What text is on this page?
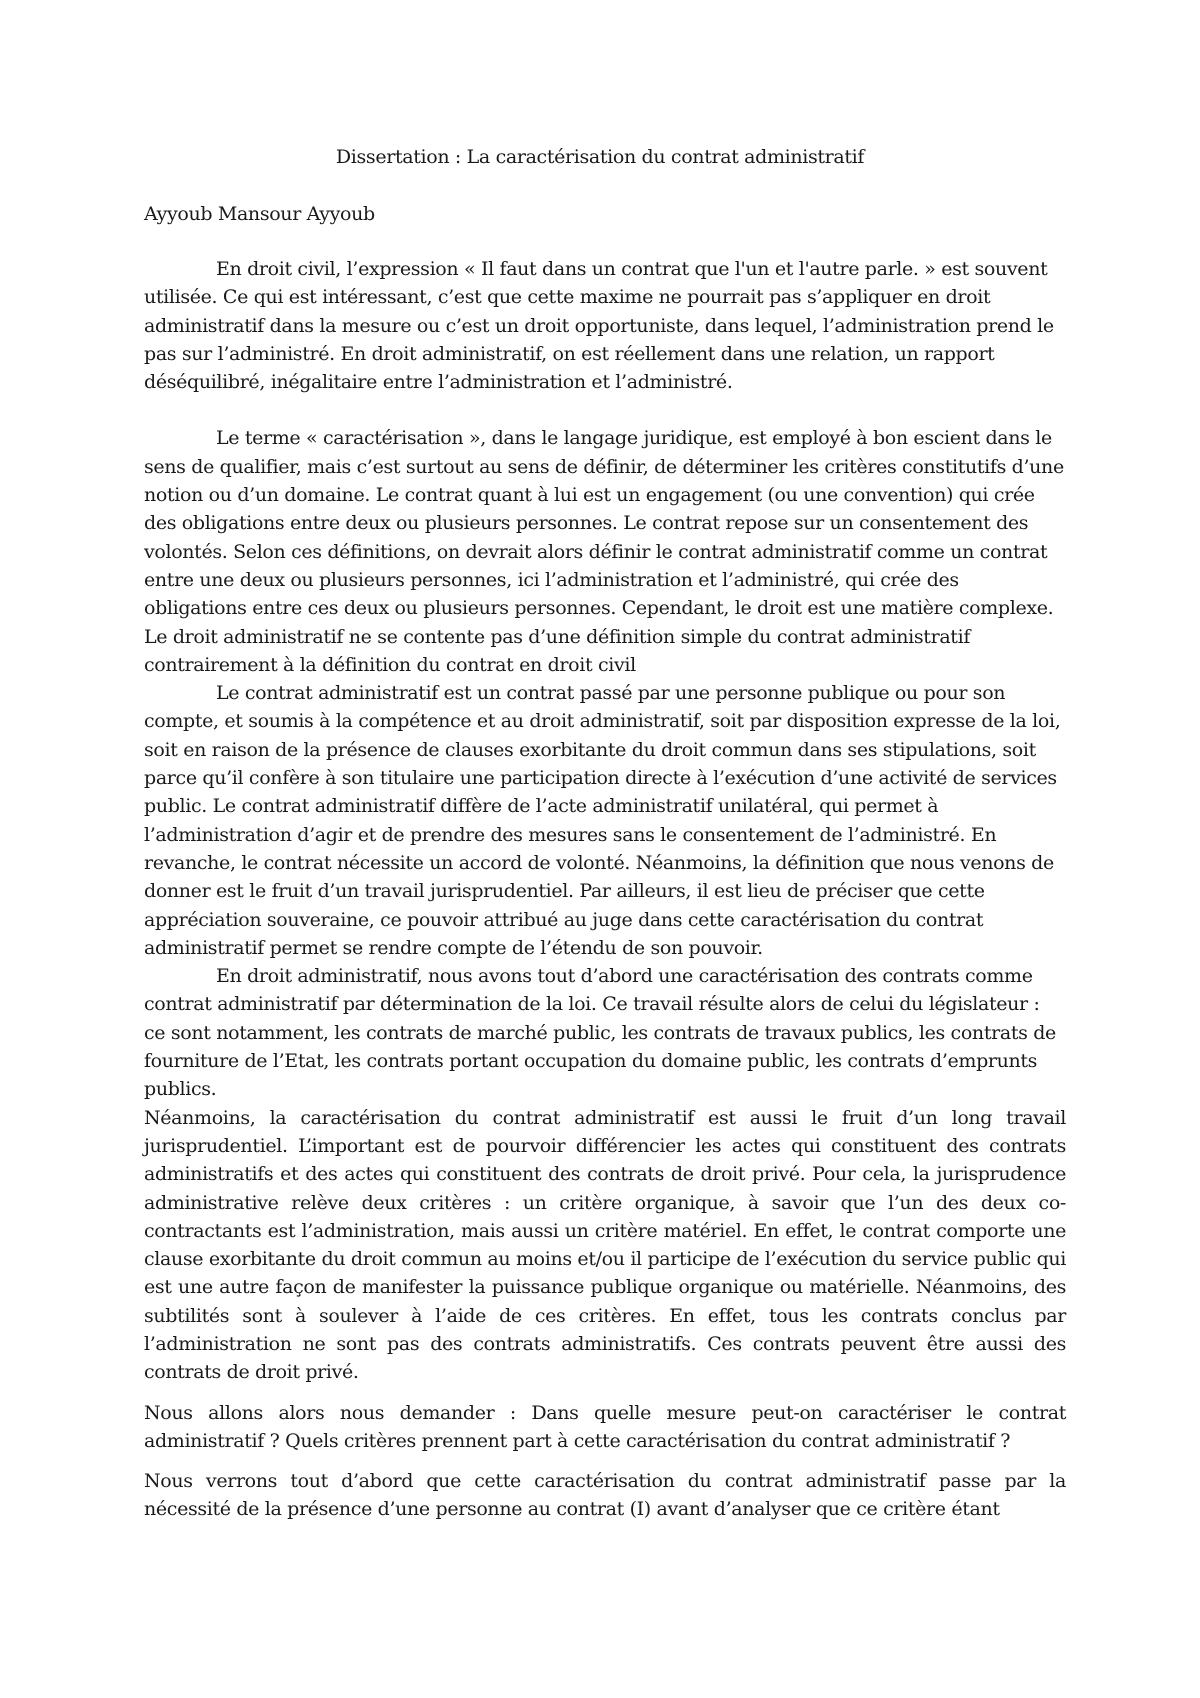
Dissertation : La caractérisation du contrat administratif

Ayyoub Mansour Ayyoub

En droit civil, l’expression « Il faut dans un contrat que l'un et l'autre parle. » est souvent utilisée. Ce qui est intéressant, c’est que cette maxime ne pourrait pas s’appliquer en droit administratif dans la mesure ou c’est un droit opportuniste, dans lequel, l’administration prend le pas sur l’administré. En droit administratif, on est réellement dans une relation, un rapport déséquilibré, inégalitaire entre l’administration et l’administré.

Le terme « caractérisation », dans le langage juridique, est employé à bon escient dans le sens de qualifier, mais c’est surtout au sens de définir, de déterminer les critères constitutifs d’une notion ou d’un domaine. Le contrat quant à lui est un engagement (ou une convention) qui crée des obligations entre deux ou plusieurs personnes. Le contrat repose sur un consentement des volontés. Selon ces définitions, on devrait alors définir le contrat administratif comme un contrat entre une deux ou plusieurs personnes, ici l’administration et l’administré, qui crée des obligations entre ces deux ou plusieurs personnes. Cependant, le droit est une matière complexe. Le droit administratif ne se contente pas d’une définition simple du contrat administratif contrairement à la définition du contrat en droit civil

Le contrat administratif est un contrat passé par une personne publique ou pour son compte, et soumis à la compétence et au droit administratif, soit par disposition expresse de la loi, soit en raison de la présence de clauses exorbitante du droit commun dans ses stipulations, soit parce qu’il confère à son titulaire une participation directe à l’exécution d’une activité de services public. Le contrat administratif diffère de l’acte administratif unilatéral, qui permet à l’administration d’agir et de prendre des mesures sans le consentement de l’administré. En revanche, le contrat nécessite un accord de volonté. Néanmoins, la définition que nous venons de donner est le fruit d’un travail jurisprudentiel. Par ailleurs, il est lieu de préciser que cette appréciation souveraine, ce pouvoir attribué au juge dans cette caractérisation du contrat administratif permet se rendre compte de l’étendu de son pouvoir.

En droit administratif, nous avons tout d’abord une caractérisation des contrats comme contrat administratif par détermination de la loi. Ce travail résulte alors de celui du législateur : ce sont notamment, les contrats de marché public, les contrats de travaux publics, les contrats de fourniture de l’Etat, les contrats portant occupation du domaine public, les contrats d’emprunts publics.

Néanmoins, la caractérisation du contrat administratif est aussi le fruit d’un long travail jurisprudentiel. L’important est de pourvoir différencier les actes qui constituent des contrats administratifs et des actes qui constituent des contrats de droit privé. Pour cela, la jurisprudence administrative relève deux critères : un critère organique, à savoir que l’un des deux co-contractants est l’administration, mais aussi un critère matériel. En effet, le contrat comporte une clause exorbitante du droit commun au moins et/ou il participe de l’exécution du service public qui est une autre façon de manifester la puissance publique organique ou matérielle. Néanmoins, des subtilités sont à soulever à l’aide de ces critères. En effet, tous les contrats conclus par l’administration ne sont pas des contrats administratifs. Ces contrats peuvent être aussi des contrats de droit privé.

Nous allons alors nous demander : Dans quelle mesure peut-on caractériser le contrat administratif ? Quels critères prennent part à cette caractérisation du contrat administratif ?

Nous verrons tout d’abord que cette caractérisation du contrat administratif passe par la nécessité de la présence d’une personne au contrat (I) avant d’analyser que ce critère étant
